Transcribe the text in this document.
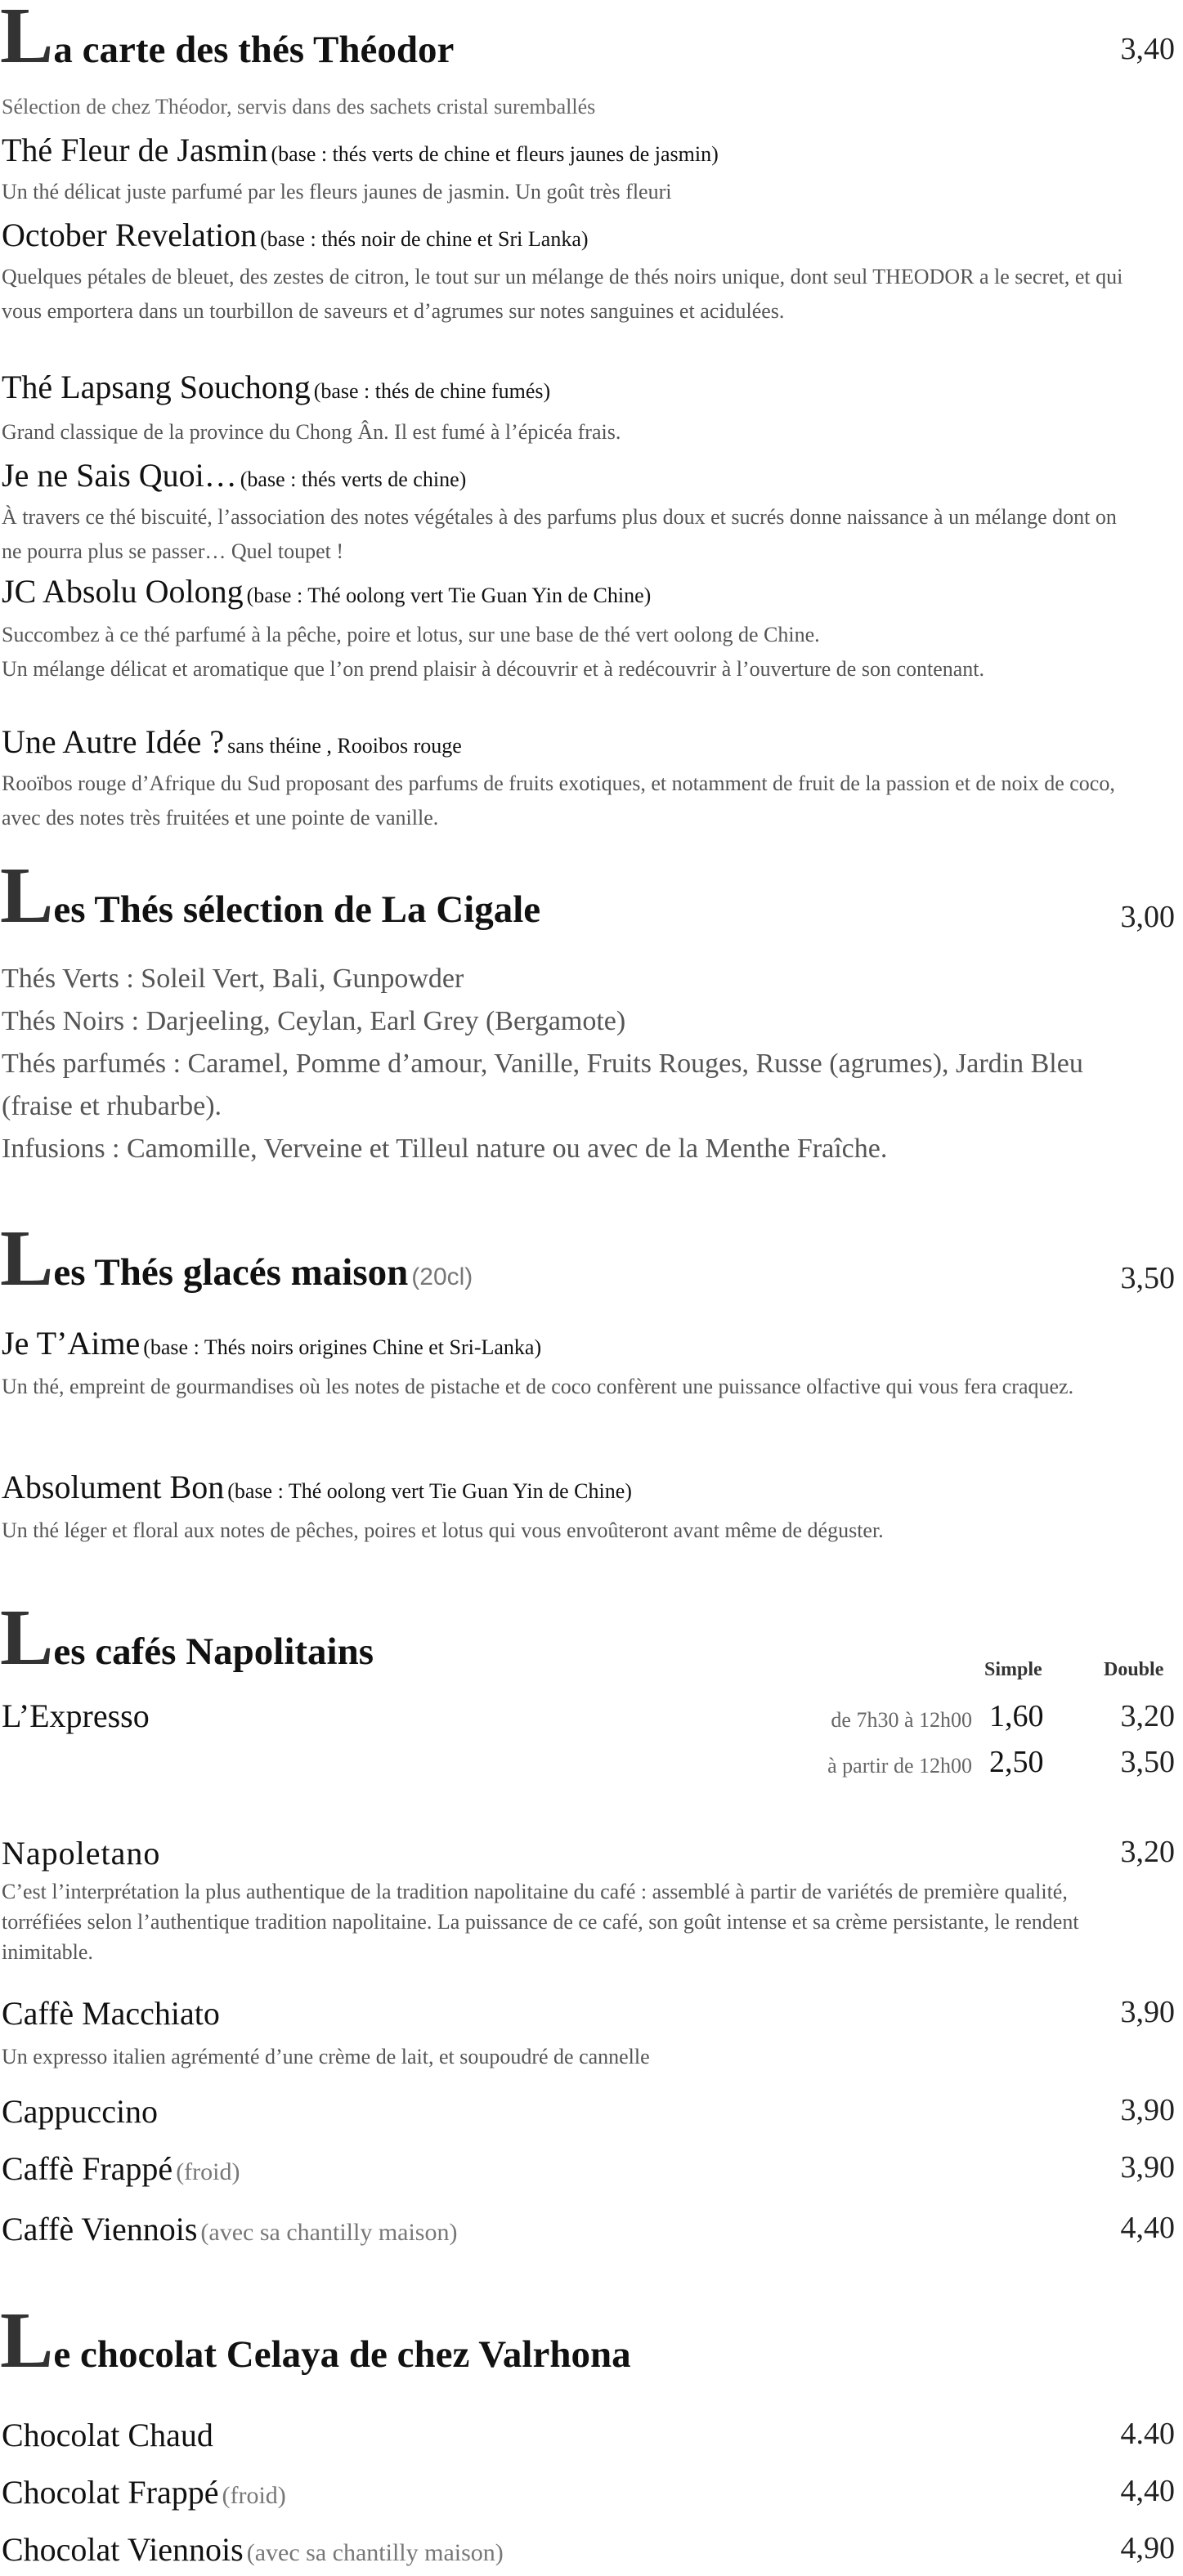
La carte des thés Théodor	3,40
Sélection de chez Théodor, servis dans des sachets cristal suremballés
Thé Fleur de Jasmin (base : thés verts de chine et fleurs jaunes de jasmin)
Un thé délicat juste parfumé par les fleurs jaunes de jasmin. Un goût très fleuri
October Revelation (base : thés noir de chine et Sri Lanka)
Quelques pétales de bleuet, des zestes de citron, le tout sur un mélange de thés noirs unique, dont seul THEODOR a le secret, et qui vous emportera dans un tourbillon de saveurs et d’agrumes sur notes sanguines et acidulées.
Thé Lapsang Souchong (base : thés de chine fumés)
Grand classique de la province du Chong Ân. Il est fumé à l’épicéa frais.
Je ne Sais Quoi… (base : thés verts de chine)
À travers ce thé biscuité, l’association des notes végétales à des parfums plus doux et sucrés donne naissance à un mélange dont on ne pourra plus se passer… Quel toupet !
JC Absolu Oolong (base : Thé oolong vert Tie Guan Yin de Chine)
Succombez à ce thé parfumé à la pêche, poire et lotus, sur une base de thé vert oolong de Chine.
Un mélange délicat et aromatique que l’on prend plaisir à découvrir et à redécouvrir à l’ouverture de son contenant.
Une Autre Idée ? sans théine , Rooibos rouge
Rooïbos rouge d’Afrique du Sud proposant des parfums de fruits exotiques, et notamment de fruit de la passion et de noix de coco, avec des notes très fruitées et une pointe de vanille.
Les Thés sélection de La Cigale	3,00
Thés Verts : Soleil Vert, Bali, Gunpowder
Thés Noirs : Darjeeling, Ceylan, Earl Grey (Bergamote)
Thés parfumés : Caramel, Pomme d’amour, Vanille, Fruits Rouges, Russe (agrumes), Jardin Bleu (fraise et rhubarbe).
Infusions : Camomille, Verveine et Tilleul nature ou avec de la Menthe Fraîche.
Les Thés glacés maison (20cl)	3,50
Je T’Aime (base : Thés noirs origines Chine et Sri-Lanka)
Un thé, empreint de gourmandises où les notes de pistache et de coco confèrent une puissance olfactive qui vous fera craquez.
Absolument Bon (base : Thé oolong vert Tie Guan Yin de Chine)
Un thé léger et floral aux notes de pêches, poires et lotus qui vous envoûteront avant même de déguster.
Les cafés Napolitains	Simple	Double
L’Expresso	de 7h30 à 12h00 1,60 3,20
à partir de 12h00 2,50 3,50
Napoletano	3,20
C’est l’interprétation la plus authentique de la tradition napolitaine du café : assemblé à partir de variétés de première qualité, torréfiées selon l’authentique tradition napolitaine. La puissance de ce café, son goût intense et sa crème persistante, le rendent inimitable.
Caffè Macchiato	3,90
Un expresso italien agrémenté d’une crème de lait, et soupoudré de cannelle
Cappuccino	3,90
Caffè Frappé (froid)	3,90
Caffè Viennois (avec sa chantilly maison)	4,40
Le chocolat Celaya de chez Valrhona
Chocolat Chaud	4.40
Chocolat Frappé (froid)	4,40
Chocolat Viennois (avec sa chantilly maison)	4,90
